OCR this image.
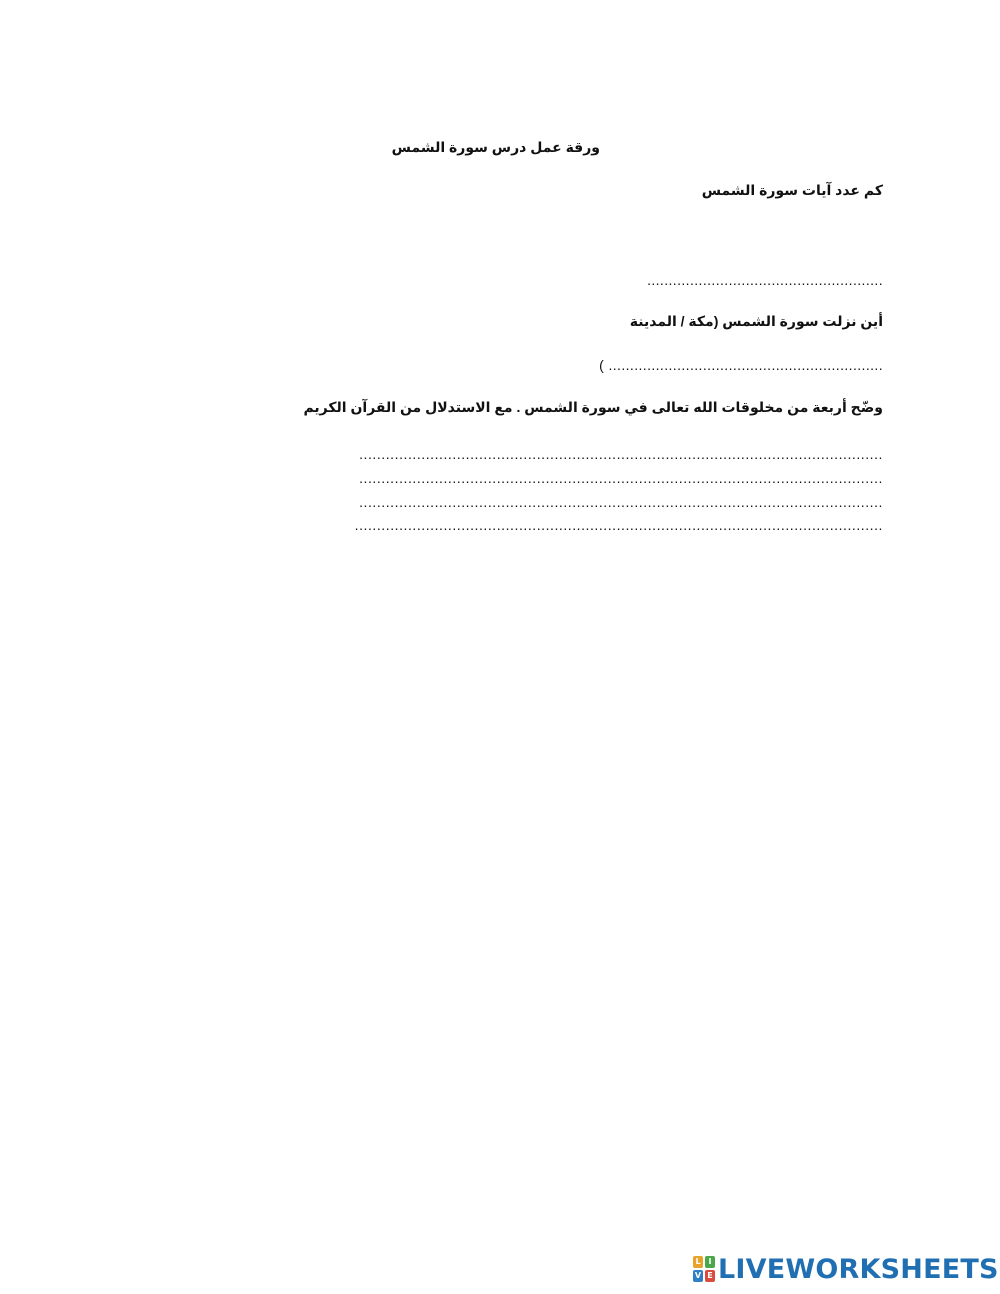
ورقة عمل درس سورة الشمس
كم عدد آيات سورة الشمس
.......................................................
أين نزلت سورة الشمس (مكة / المدينة
( ................................................................
وضّح أربعة من مخلوقات الله تعالى في سورة الشمس . مع الاستدلال من القرآن الكريم
......................................................................................................................
......................................................................................................................
......................................................................................................................
.......................................................................................................................
L I
V E LIVEWORKSHEETS
